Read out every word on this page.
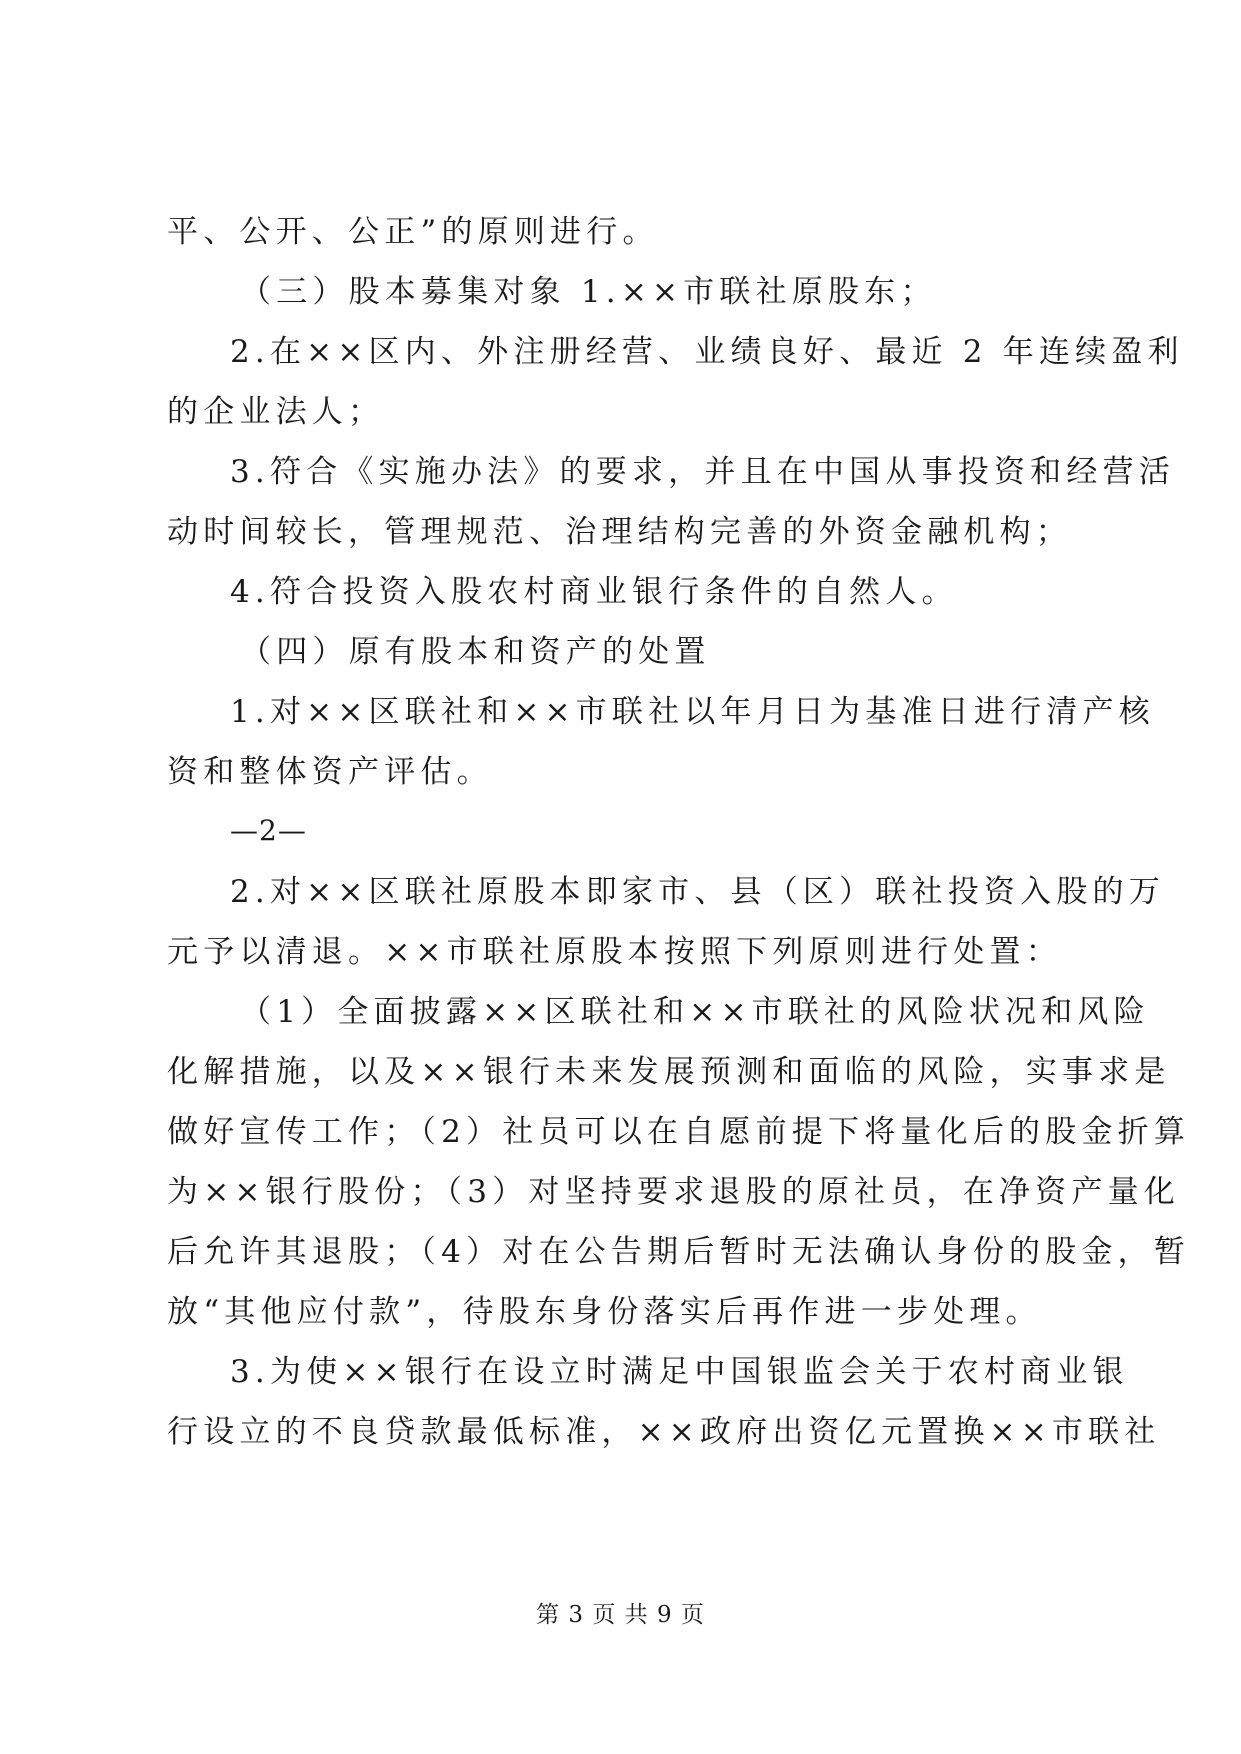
平、公开、公正”的原则进行。
（三）股本募集对象 1.××市联社原股东；
2.在××区内、外注册经营、业绩良好、最近 2 年连续盈利
的企业法人；
3.符合《实施办法》的要求，并且在中国从事投资和经营活
动时间较长，管理规范、治理结构完善的外资金融机构；
4.符合投资入股农村商业银行条件的自然人。
（四）原有股本和资产的处置
1.对××区联社和××市联社以年月日为基准日进行清产核
资和整体资产评估。
—2—
2.对××区联社原股本即家市、县（区）联社投资入股的万
元予以清退。××市联社原股本按照下列原则进行处置：
（1）全面披露××区联社和××市联社的风险状况和风险
化解措施，以及××银行未来发展预测和面临的风险，实事求是
做好宣传工作；（2）社员可以在自愿前提下将量化后的股金折算
为××银行股份；（3）对坚持要求退股的原社员，在净资产量化
后允许其退股；（4）对在公告期后暂时无法确认身份的股金，暂
放“其他应付款”，待股东身份落实后再作进一步处理。
3.为使××银行在设立时满足中国银监会关于农村商业银
行设立的不良贷款最低标准，××政府出资亿元置换××市联社
第 3 页 共 9 页
